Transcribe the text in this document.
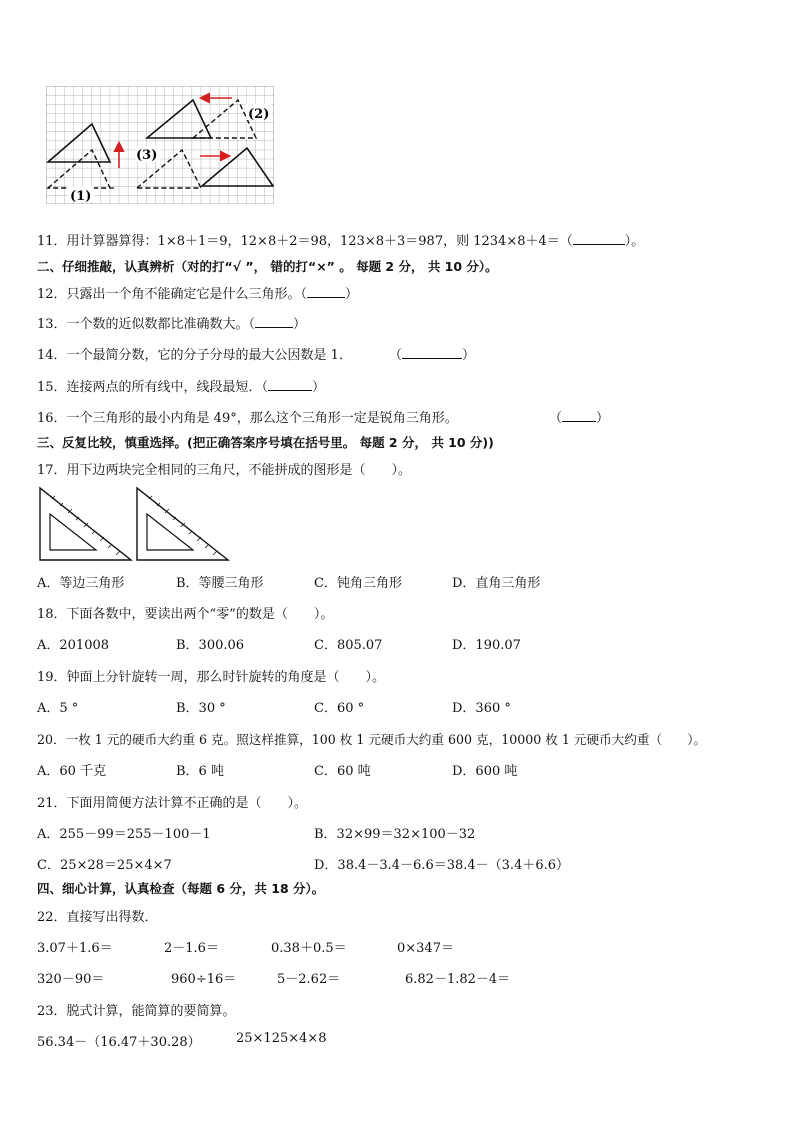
(1)
(2)
(3)
11．用计算器算得：1×8＋1＝9，12×8＋2＝98，123×8＋3＝987，则 1234×8＋4＝（	）。
二、仔细推敲，认真辨析（对的打“√ ”， 错的打“×” 。 每题 2 分， 共 10 分）。
12．只露出一个角不能确定它是什么三角形。（	）
13．一个数的近似数都比准确数大。（	）
14．一个最简分数，它的分子分母的最大公因数是 1．	（	）
15．连接两点的所有线中，线段最短．（	）
16．一个三角形的最小内角是 49°，那么这个三角形一定是锐角三角形。	（	）
三、反复比较，慎重选择。(把正确答案序号填在括号里。 每题 2 分， 共 10 分))
17．用下边两块完全相同的三角尺，不能拼成的图形是（　　）。
A．等边三角形	B．等腰三角形	C．钝角三角形	D．直角三角形
18．下面各数中，要读出两个“零”的数是（　　）。
A．201008	B．300.06	C．805.07	D．190.07
19．钟面上分针旋转一周，那么时针旋转的角度是（　　）。
A．5 °	B．30 °	C．60 °	D．360 °
20．一枚 1 元的硬币大约重 6 克。照这样推算，100 枚 1 元硬币大约重 600 克，10000 枚 1 元硬币大约重（　　）。
A．60 千克	B．6 吨	C．60 吨	D．600 吨
21．下面用简便方法计算不正确的是（　　）。
A．255－99＝255－100－1	B．32×99＝32×100－32
C．25×28＝25×4×7	D．38.4－3.4－6.6＝38.4－（3.4＋6.6）
四、细心计算，认真检查（每题 6 分，共 18 分）。
22．直接写出得数．
3.07＋1.6＝	2－1.6＝	0.38＋0.5＝	0×347＝
320－90＝	960÷16＝	5－2.62＝	6.82－1.82－4＝
23．脱式计算，能简算的要简算。
56.34－（16.47＋30.28）	25×125×4×8
